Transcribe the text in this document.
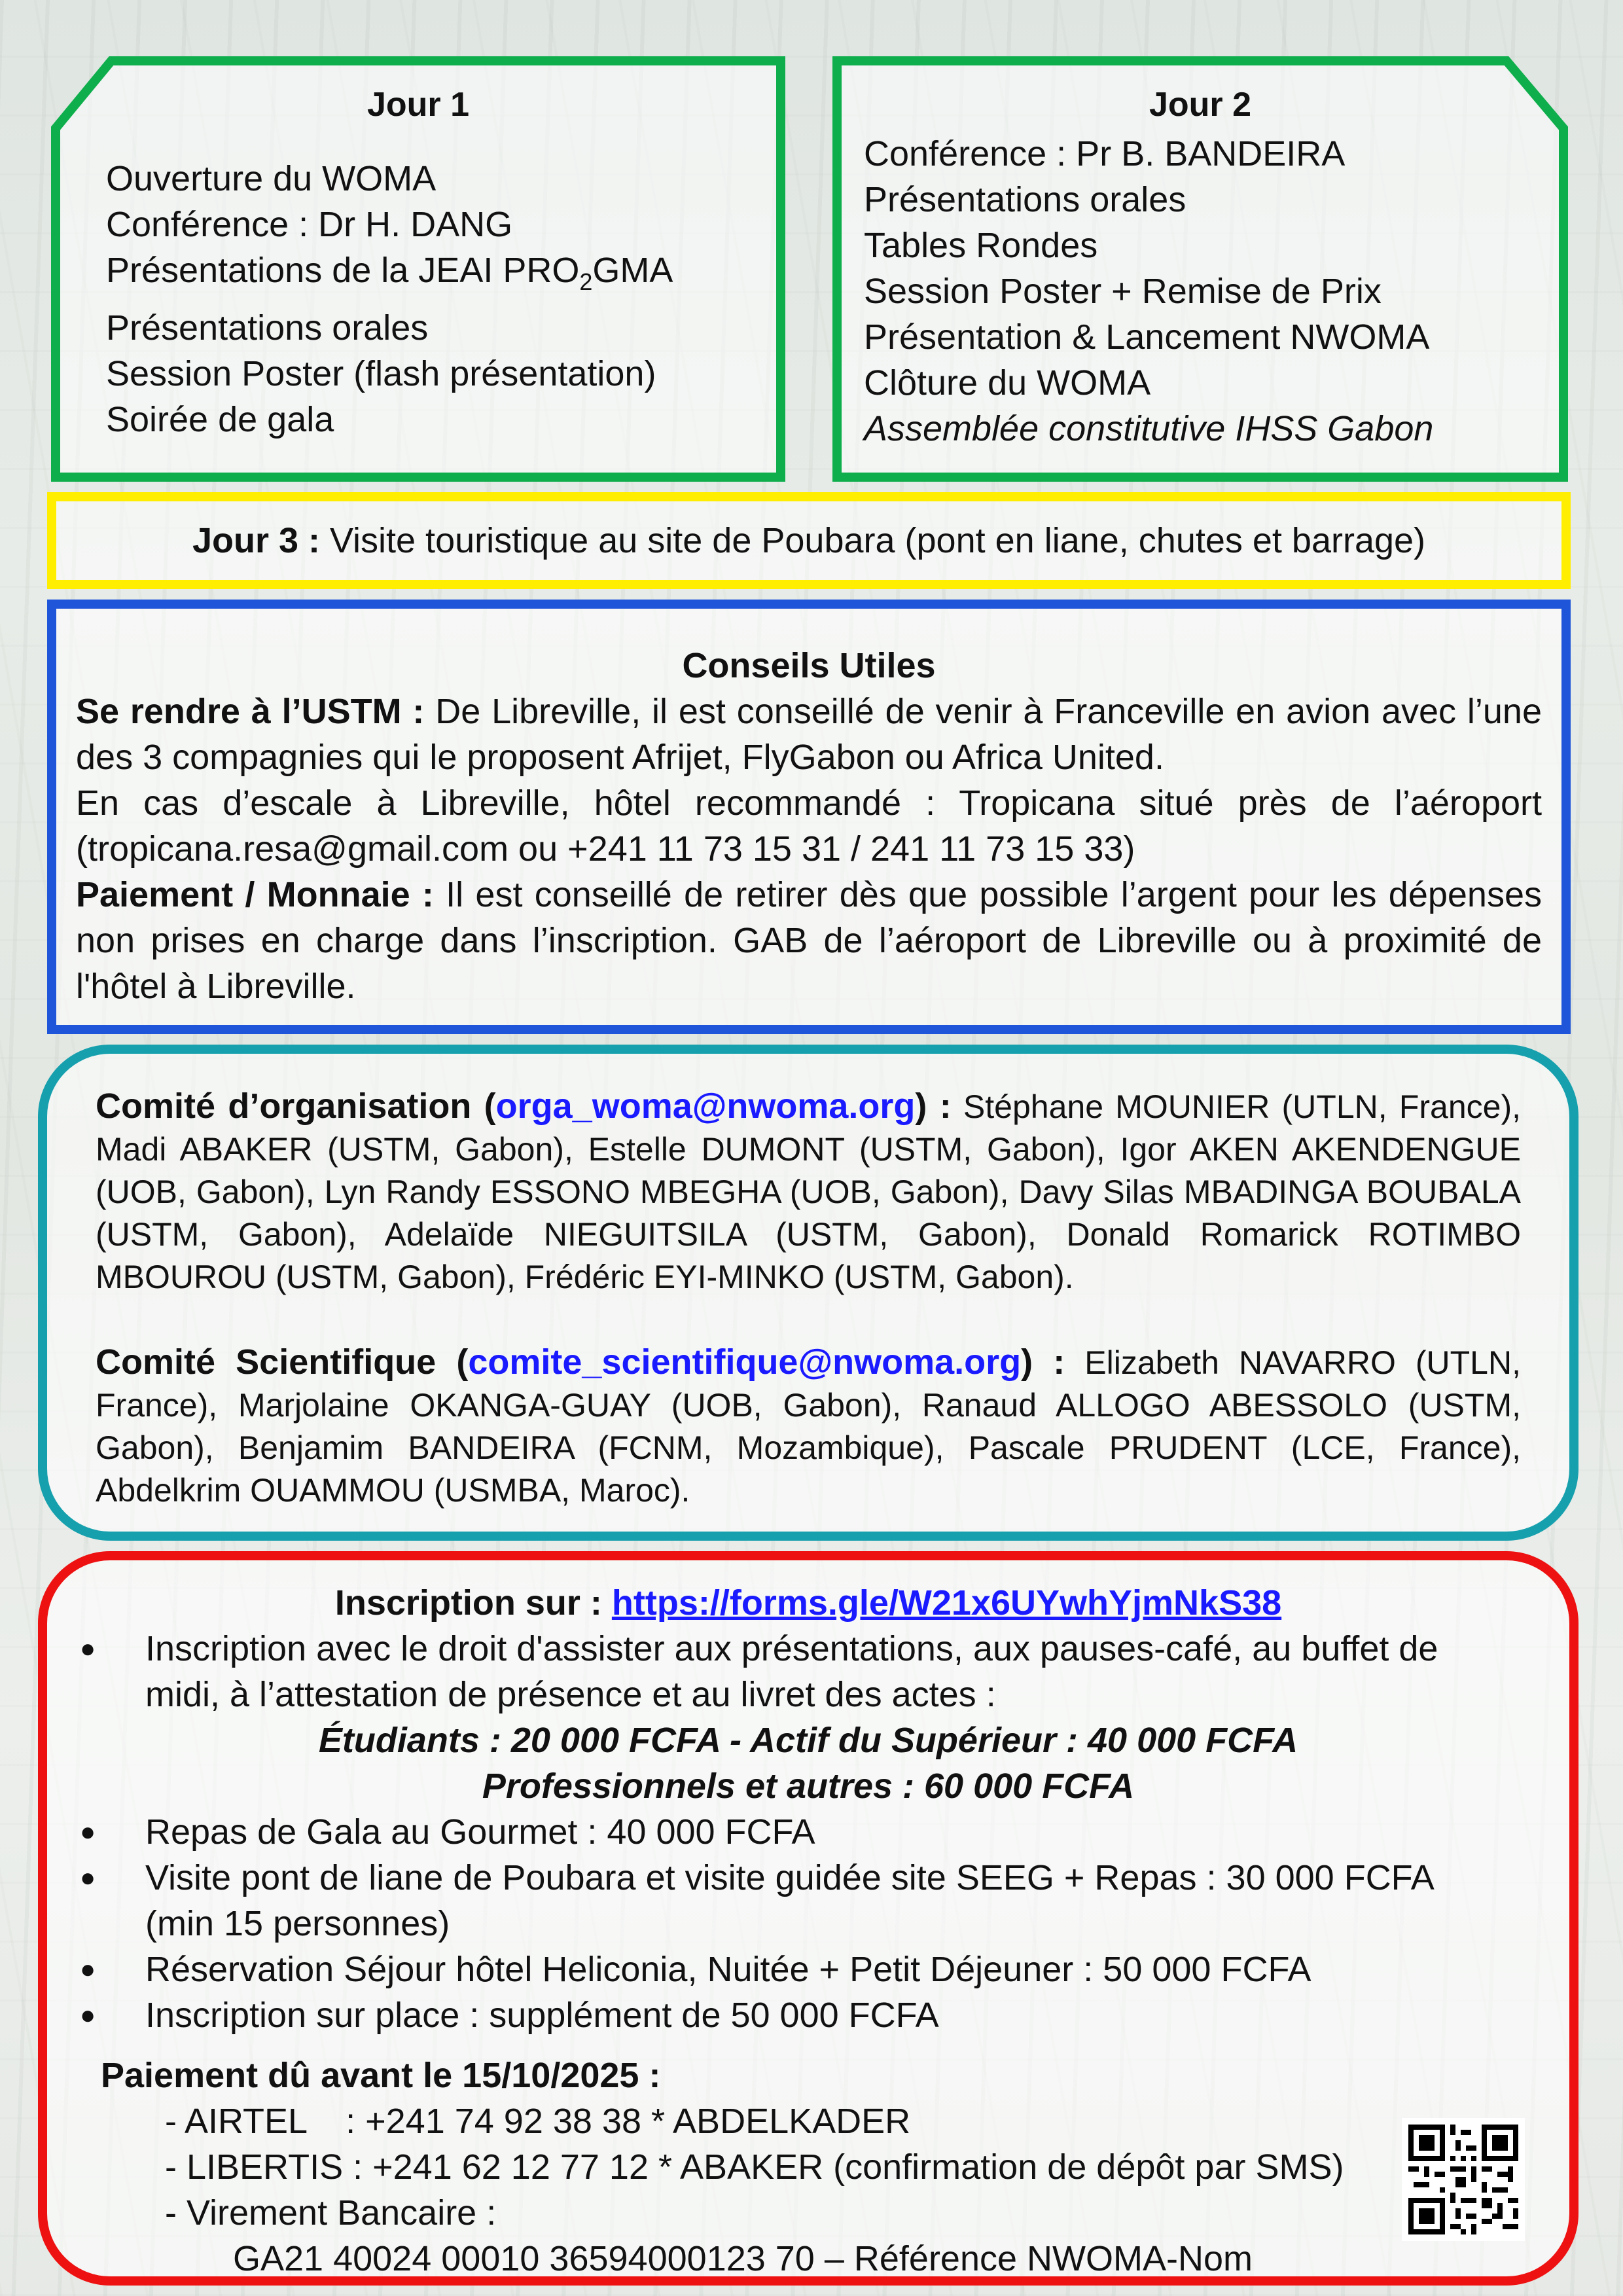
Jour 1
Ouverture du WOMA
Conférence : Dr H. DANG
Présentations de la JEAI $PRO_2GMA$
Présentations orales
Session Poster (flash présentation)
Soirée de gala
Jour 2
Conférence : Pr B. BANDEIRA
Présentations orales
Tables Rondes
Session Poster + Remise de Prix
Présentation & Lancement NWOMA
Clôture du WOMA
Assemblée constitutive IHSS Gabon
Jour 3 : Visite touristique au site de Poubara (pont en liane, chutes et barrage)
Conseils Utiles
Se rendre à l’USTM : De Libreville, il est conseillé de venir à Franceville en avion avec l’une des 3 compagnies qui le proposent Afrijet, FlyGabon ou Africa United.
En cas d’escale à Libreville, hôtel recommandé : Tropicana situé près de l’aéroport (tropicana.resa@gmail.com ou +241 11 73 15 31 / 241 11 73 15 33)
Paiement / Monnaie : Il est conseillé de retirer dès que possible l’argent pour les dépenses non prises en charge dans l’inscription. GAB de l’aéroport de Libreville ou à proximité de l'hôtel à Libreville.

Comité d’organisation (orga_woma@nwoma.org) : Stéphane MOUNIER (UTLN, France), Madi ABAKER (USTM, Gabon), Estelle DUMONT (USTM, Gabon), Igor AKEN AKENDENGUE (UOB, Gabon), Lyn Randy ESSONO MBEGHA (UOB, Gabon), Davy Silas MBADINGA BOUBALA (USTM, Gabon), Adelaïde NIEGUITSILA (USTM, Gabon), Donald Romarick ROTIMBO MBOUROU (USTM, Gabon), Frédéric EYI-MINKO (USTM, Gabon).

Comité Scientifique (comite_scientifique@nwoma.org) : Elizabeth NAVARRO (UTLN, France), Marjolaine OKANGA-GUAY (UOB, Gabon), Ranaud ALLOGO ABESSOLO (USTM, Gabon), Benjamim BANDEIRA (FCNM, Mozambique), Pascale PRUDENT (LCE, France), Abdelkrim OUAMMOU (USMBA, Maroc).

Inscription sur : https://forms.gle/W21x6UYwhYjmNkS38
● Inscription avec le droit d'assister aux présentations, aux pauses-café, au buffet de midi, à l’attestation de présence et au livret des actes :
Étudiants : 20 000 FCFA - Actif du Supérieur : 40 000 FCFA
Professionnels et autres : 60 000 FCFA
● Repas de Gala au Gourmet : 40 000 FCFA
● Visite pont de liane de Poubara et visite guidée site SEEG + Repas : 30 000 FCFA (min 15 personnes)
● Réservation Séjour hôtel Heliconia, Nuitée + Petit Déjeuner : 50 000 FCFA
● Inscription sur place : supplément de 50 000 FCFA
Paiement dû avant le 15/10/2025 :
- AIRTEL    : +241 74 92 38 38 * ABDELKADER
- LIBERTIS : +241 62 12 77 12 * ABAKER (confirmation de dépôt par SMS)
- Virement Bancaire :
GA21 40024 00010 36594000123 70 – Référence NWOMA-Nom
